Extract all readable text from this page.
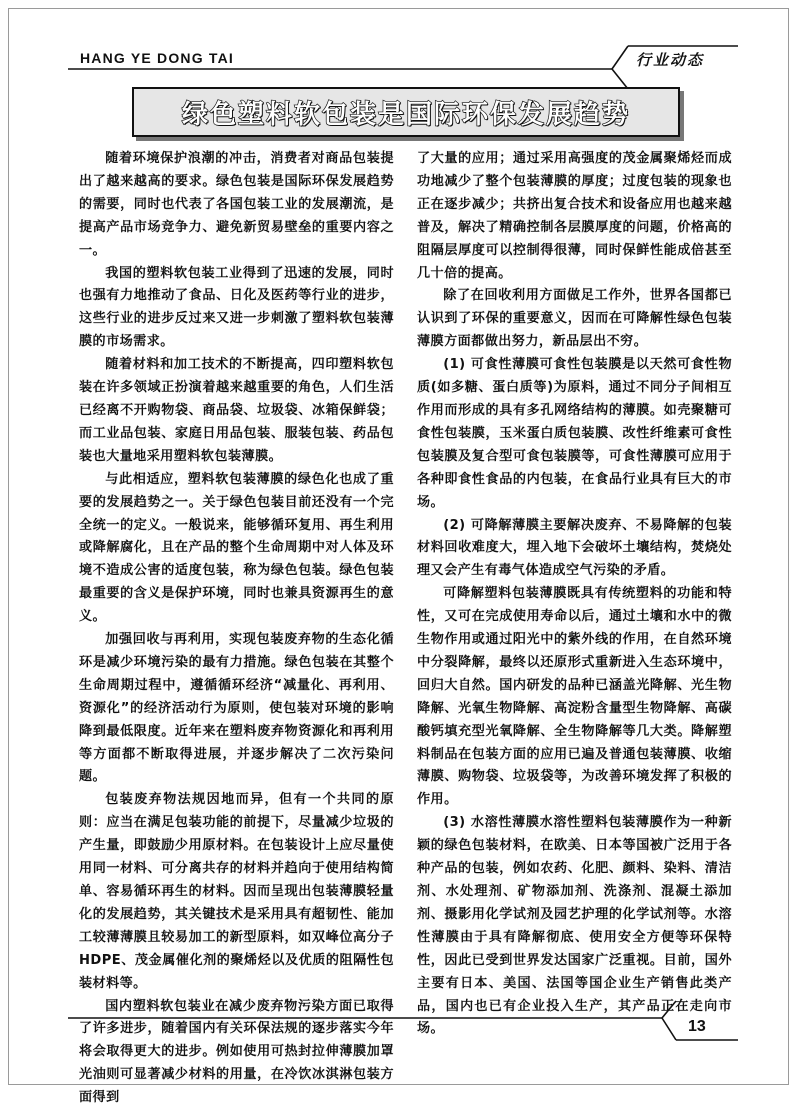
HANG YE DONG TAI	行业动态
绿色塑料软包装是国际环保发展趋势

随着环境保护浪潮的冲击，消费者对商品包装提出了越来越高的要求。绿色包装是国际环保发展趋势的需要，同时也代表了各国包装工业的发展潮流，是提高产品市场竞争力、避免新贸易壁垒的重要内容之一。

我国的塑料软包装工业得到了迅速的发展，同时也强有力地推动了食品、日化及医药等行业的进步，这些行业的进步反过来又进一步刺激了塑料软包装薄膜的市场需求。

随着材料和加工技术的不断提高，四印塑料软包装在许多领域正扮演着越来越重要的角色，人们生活已经离不开购物袋、商品袋、垃圾袋、冰箱保鲜袋；而工业品包装、家庭日用品包装、服装包装、药品包装也大量地采用塑料软包装薄膜。

与此相适应，塑料软包装薄膜的绿色化也成了重要的发展趋势之一。关于绿色包装目前还没有一个完全统一的定义。一般说来，能够循环复用、再生利用或降解腐化，且在产品的整个生命周期中对人体及环境不造成公害的适度包装，称为绿色包装。绿色包装最重要的含义是保护环境，同时也兼具资源再生的意义。

加强回收与再利用，实现包装废弃物的生态化循环是减少环境污染的最有力措施。绿色包装在其整个生命周期过程中，遵循循环经济“减量化、再利用、资源化”的经济活动行为原则，使包装对环境的影响降到最低限度。近年来在塑料废弃物资源化和再利用等方面都不断取得进展，并逐步解决了二次污染问题。

包装废弃物法规因地而异，但有一个共同的原则：应当在满足包装功能的前提下，尽量减少垃圾的产生量，即鼓励少用原材料。在包装设计上应尽量使用同一材料、可分离共存的材料并趋向于使用结构简单、容易循环再生的材料。因而呈现出包装薄膜轻量化的发展趋势，其关键技术是采用具有超韧性、能加工较薄薄膜且较易加工的新型原料，如双峰位高分子HDPE、茂金属催化剂的聚烯烃以及优质的阻隔性包装材料等。

国内塑料软包装业在减少废弃物污染方面已取得了许多进步，随着国内有关环保法规的逐步落实今年将会取得更大的进步。例如使用可热封拉伸薄膜加罩光油则可显著减少材料的用量，在冷饮冰淇淋包装方面得到

了大量的应用；通过采用高强度的茂金属聚烯烃而成功地减少了整个包装薄膜的厚度；过度包装的现象也正在逐步减少；共挤出复合技术和设备应用也越来越普及，解决了精确控制各层膜厚度的问题，价格高的阻隔层厚度可以控制得很薄，同时保鲜性能成倍甚至几十倍的提高。

除了在回收利用方面做足工作外，世界各国都已认识到了环保的重要意义，因而在可降解性绿色包装薄膜方面都做出努力，新品层出不穷。

(1) 可食性薄膜可食性包装膜是以天然可食性物质(如多糖、蛋白质等)为原料，通过不同分子间相互作用而形成的具有多孔网络结构的薄膜。如壳聚糖可食性包装膜，玉米蛋白质包装膜、改性纤维素可食性包装膜及复合型可食包装膜等，可食性薄膜可应用于各种即食性食品的内包装，在食品行业具有巨大的市场。

(2) 可降解薄膜主要解决废弃、不易降解的包装材料回收难度大，埋入地下会破坏土壤结构，焚烧处理又会产生有毒气体造成空气污染的矛盾。

可降解塑料包装薄膜既具有传统塑料的功能和特性，又可在完成使用寿命以后，通过土壤和水中的微生物作用或通过阳光中的紫外线的作用，在自然环境中分裂降解，最终以还原形式重新进入生态环境中，回归大自然。国内研发的品种已涵盖光降解、光生物降解、光氧生物降解、高淀粉含量型生物降解、高碳酸钙填充型光氧降解、全生物降解等几大类。降解塑料制品在包装方面的应用已遍及普通包装薄膜、收缩薄膜、购物袋、垃圾袋等，为改善环境发挥了积极的作用。

(3) 水溶性薄膜水溶性塑料包装薄膜作为一种新颖的绿色包装材料，在欧美、日本等国被广泛用于各种产品的包装，例如农药、化肥、颜料、染料、清洁剂、水处理剂、矿物添加剂、洗涤剂、混凝土添加剂、摄影用化学试剂及园艺护理的化学试剂等。水溶性薄膜由于具有降解彻底、使用安全方便等环保特性，因此已受到世界发达国家广泛重视。目前，国外主要有日本、美国、法国等国企业生产销售此类产品，国内也已有企业投入生产，其产品正在走向市场。	13
